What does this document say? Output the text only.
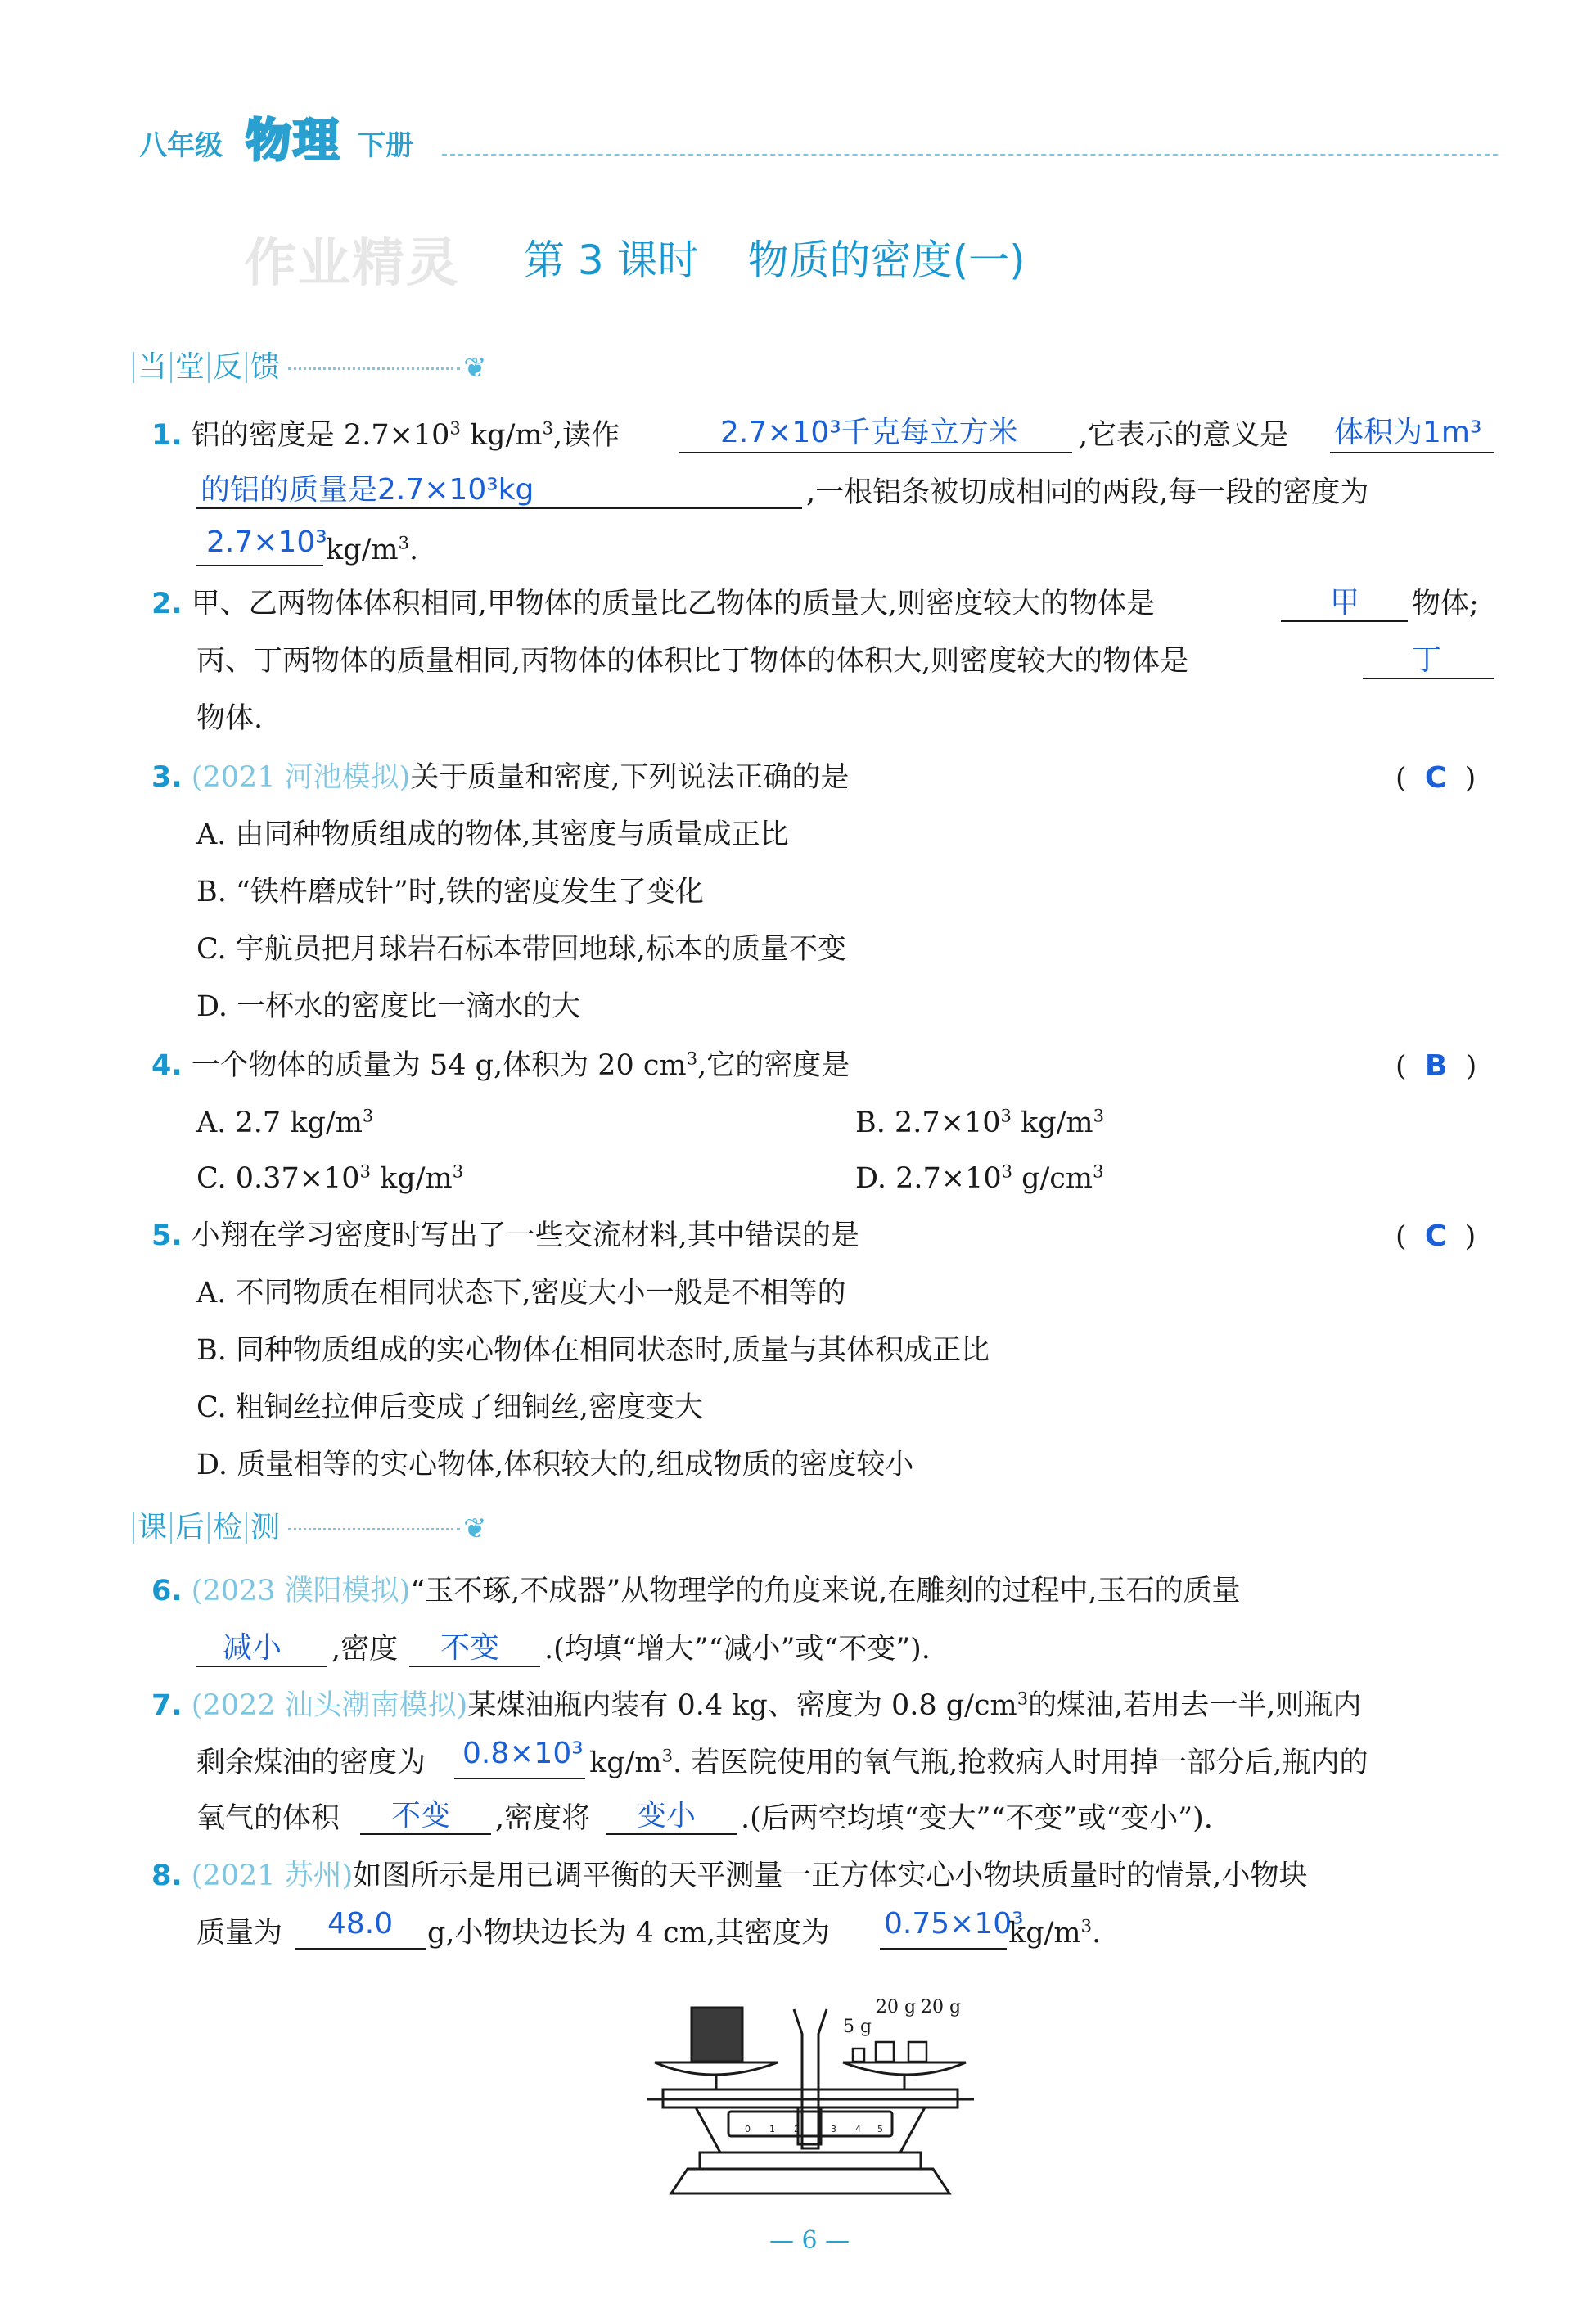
八年级 物理 下册
作业精灵 第 3 课时 物质的密度(一)
当 堂 反 馈	❦
1. 铝的密度是 $2.7\times 10^3$ $kg/m^3$,读作	2.7×10³千克每立方米 ,它表示的意义是 体积为1m³
的铝的质量是2.7×10³kg	,一根铝条被切成相同的两段,每一段的密度为
2.7×10³
$kg/m^3$.
2. 甲、乙两物体体积相同,甲物体的质量比乙物体的质量大,则密度较大的物体是	甲 物体;
丙、丁两物体的质量相同,丙物体的体积比丁物体的体积大,则密度较大的物体是	丁
物体.
3. (2021 河池模拟)关于质量和密度,下列说法正确的是	(  C  )
A. 由同种物质组成的物体,其密度与质量成正比
B. “铁杵磨成针”时,铁的密度发生了变化
C. 宇航员把月球岩石标本带回地球,标本的质量不变
D. 一杯水的密度比一滴水的大
4. 一个物体的质量为 54 g,体积为 20 $cm^3$,它的密度是	(  B  )
A. 2.7 $kg/m^3$	B. $2.7\times 10^3$ $kg/m^3$
C. $0.37\times 10^3$ $kg/m^3$	D. $2.7\times 10^3$ $g/cm^3$
5. 小翔在学习密度时写出了一些交流材料,其中错误的是	(  C  )
A. 不同物质在相同状态下,密度大小一般是不相等的
B. 同种物质组成的实心物体在相同状态时,质量与其体积成正比
C. 粗铜丝拉伸后变成了细铜丝,密度变大
D. 质量相等的实心物体,体积较大的,组成物质的密度较小
课 后 检 测	❦
6. (2023 濮阳模拟)“玉不琢,不成器”从物理学的角度来说,在雕刻的过程中,玉石的质量
减小 ,密度 不变 .(均填“增大”“减小”或“不变”).
7. (2022 汕头潮南模拟)某煤油瓶内装有 0.4 kg、密度为 0.8 $g/cm^3$的煤油,若用去一半,则瓶内
剩余煤油的密度为 0.8×10³ $kg/m^3$. 若医院使用的氧气瓶,抢救病人时用掉一部分后,瓶内的
氧气的体积 不变 ,密度将 变小 .(后两空均填“变大”“不变”或“变小”).
8. (2021 苏州)如图所示是用已调平衡的天平测量一正方体实心小物块质量时的情景,小物块
质量为 48.0 g,小物块边长为 4 cm,其密度为 0.75×10³
$kg/m^3$.
5 g
20 g 20 g
0 1 2	3 4 5
— 6 —
